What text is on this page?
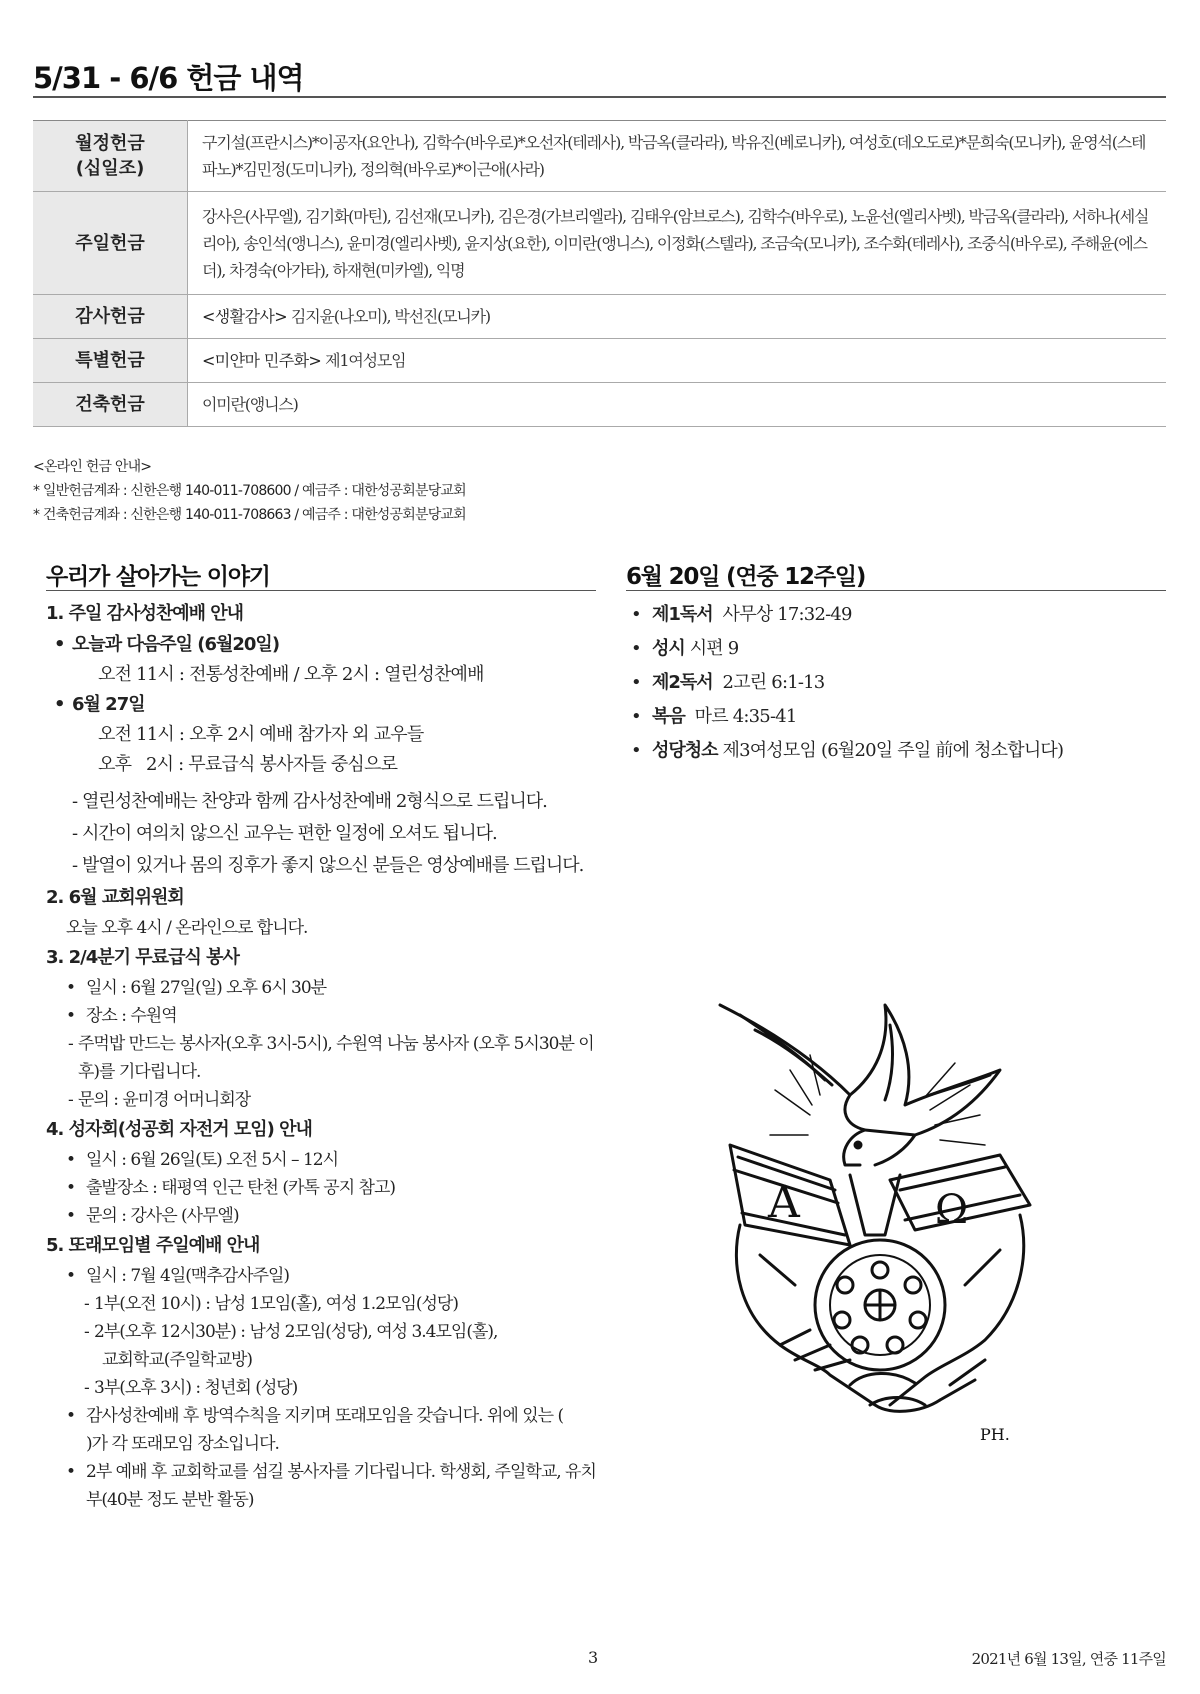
5/31 - 6/6 헌금 내역
월정헌금
(십일조)	구기설(프란시스)*이공자(요안나), 김학수(바우로)*오선자(테레사), 박금옥(클라라), 박유진(베로니카), 여성호(데오도로)*문희숙(모니카), 윤영석(스테파노)*김민정(도미니카), 정의혁(바우로)*이근애(사라)
주일헌금	강사은(사무엘), 김기화(마틴), 김선재(모니카), 김은경(가브리엘라), 김태우(암브로스), 김학수(바우로), 노윤선(엘리사벳), 박금옥(클라라), 서하나(세실리아), 송인석(앵니스), 윤미경(엘리사벳), 윤지상(요한), 이미란(앵니스), 이정화(스텔라), 조금숙(모니카), 조수화(테레사), 조중식(바우로), 주해윤(에스더), 차경숙(아가타), 하재현(미카엘), 익명
감사헌금	<생활감사> 김지윤(나오미), 박선진(모니카)
특별헌금	<미얀마 민주화> 제1여성모임
건축헌금	이미란(앵니스)
<온라인 헌금 안내>
* 일반헌금계좌 : 신한은행 140-011-708600 / 예금주 : 대한성공회분당교회
* 건축헌금계좌 : 신한은행 140-011-708663 / 예금주 : 대한성공회분당교회
우리가 살아가는 이야기	6월 20일 (연중 12주일)
1. 주일 감사성찬예배 안내
• 오늘과 다음주일 (6월20일)
오전 11시 : 전통성찬예배 / 오후 2시 : 열린성찬예배
• 6월 27일
오전 11시 : 오후 2시 예배 참가자 외 교우들
오후   2시 : 무료급식 봉사자들 중심으로
- 열린성찬예배는 찬양과 함께 감사성찬예배 2형식으로 드립니다.
- 시간이 여의치 않으신 교우는 편한 일정에 오셔도 됩니다.
- 발열이 있거나 몸의 징후가 좋지 않으신 분들은 영상예배를 드립니다.
2. 6월 교회위원회
오늘 오후 4시 / 온라인으로 합니다.
3. 2/4분기 무료급식 봉사
• 일시 : 6월 27일(일) 오후 6시 30분
• 장소 : 수원역
- 주먹밥 만드는 봉사자(오후 3시-5시), 수원역 나눔 봉사자 (오후 5시30분 이후)를 기다립니다.
- 문의 : 윤미경 어머니회장
4. 성자회(성공회 자전거 모임) 안내
• 일시 : 6월 26일(토) 오전 5시 – 12시
• 출발장소 : 태평역 인근 탄천 (카톡 공지 참고)
• 문의 : 강사은 (사무엘)
5. 또래모임별 주일예배 안내
• 일시 : 7월 4일(맥추감사주일)
- 1부(오전 10시) : 남성 1모임(홀), 여성 1.2모임(성당)
- 2부(오후 12시30분) : 남성 2모임(성당), 여성 3.4모임(홀),
교회학교(주일학교방)
- 3부(오후 3시) : 청년회 (성당)
• 감사성찬예배 후 방역수칙을 지키며 또래모임을 갖습니다. 위에 있는 (        )가 각 또래모임 장소입니다.
• 2부 예배 후 교회학교를 섬길 봉사자를 기다립니다. 학생회, 주일학교, 유치부(40분 정도 분반 활동)
• 제1독서  사무상 17:32-49
• 성시 시편 9
• 제2독서  2고린 6:1-13
• 복음  마르 4:35-41
• 성당청소 제3여성모임 (6월20일 주일 前에 청소합니다)
A	Ω
PH.
3	2021년 6월 13일, 연중 11주일
